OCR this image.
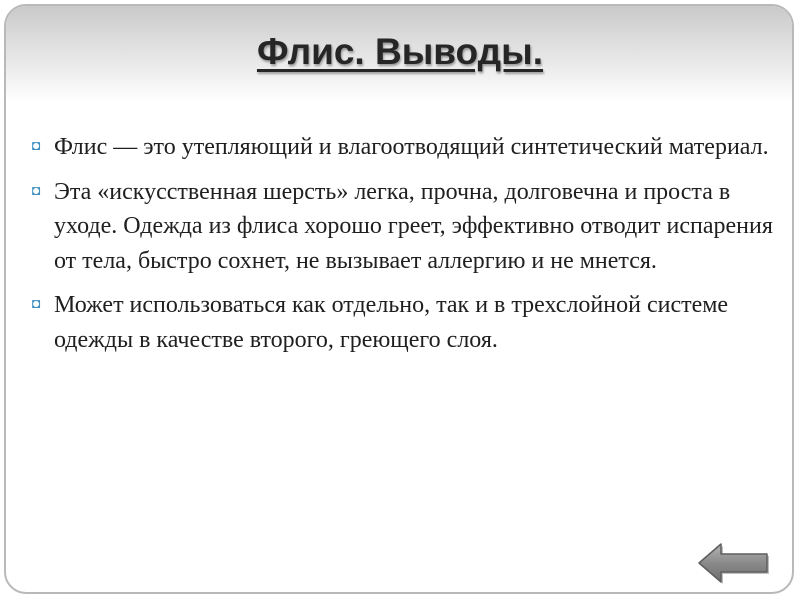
Флис. Выводы.
◘ Флис — это утепляющий и влагоотводящий синтетический материал.
◘ Эта «искусственная шерсть» легка, прочна, долговечна и проста в уходе. Одежда из флиса хорошо греет, эффективно отводит испарения от тела, быстро сохнет, не вызывает аллергию и не мнется.
◘ Может использоваться как отдельно, так и в трехслойной системе одежды в качестве второго, греющего слоя.
